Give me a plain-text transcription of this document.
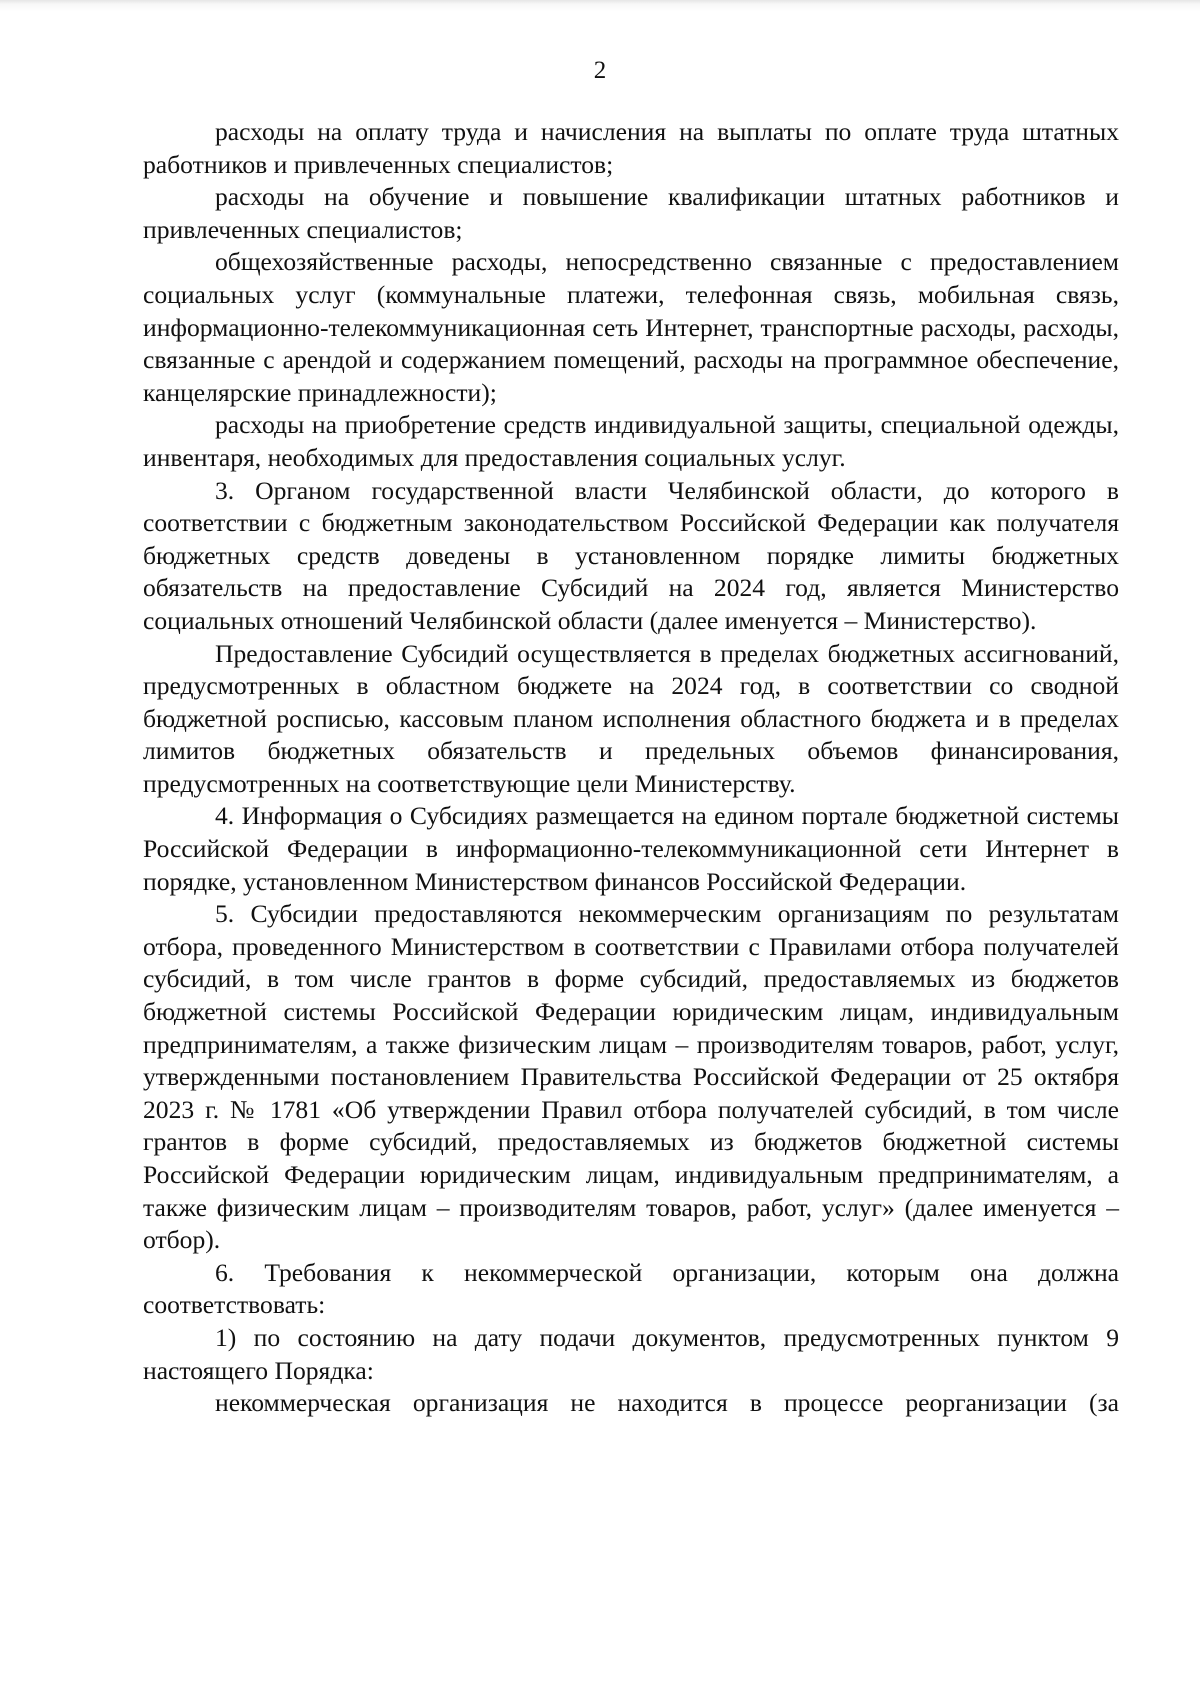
2

расходы на оплату труда и начисления на выплаты по оплате труда штатных работников и привлеченных специалистов;

расходы на обучение и повышение квалификации штатных работников и привлеченных специалистов;

общехозяйственные расходы, непосредственно связанные с предоставлением социальных услуг (коммунальные платежи, телефонная связь, мобильная связь, информационно-телекоммуникационная сеть Интернет, транспортные расходы, расходы, связанные с арендой и содержанием помещений, расходы на программное обеспечение, канцелярские принадлежности);

расходы на приобретение средств индивидуальной защиты, специальной одежды, инвентаря, необходимых для предоставления социальных услуг.

3. Органом государственной власти Челябинской области, до которого в соответствии с бюджетным законодательством Российской Федерации как получателя бюджетных средств доведены в установленном порядке лимиты бюджетных обязательств на предоставление Субсидий на 2024 год, является Министерство социальных отношений Челябинской области (далее именуется – Министерство).

Предоставление Субсидий осуществляется в пределах бюджетных ассигнований, предусмотренных в областном бюджете на 2024 год, в соответствии со сводной бюджетной росписью, кассовым планом исполнения областного бюджета и в пределах лимитов бюджетных обязательств и предельных объемов финансирования, предусмотренных на соответствующие цели Министерству.

4. Информация о Субсидиях размещается на едином портале бюджетной системы Российской Федерации в информационно-телекоммуникационной сети Интернет в порядке, установленном Министерством финансов Российской Федерации.

5. Субсидии предоставляются некоммерческим организациям по результатам отбора, проведенного Министерством в соответствии с Правилами отбора получателей субсидий, в том числе грантов в форме субсидий, предоставляемых из бюджетов бюджетной системы Российской Федерации юридическим лицам, индивидуальным предпринимателям, а также физическим лицам – производителям товаров, работ, услуг, утвержденными постановлением Правительства Российской Федерации от 25 октября 2023 г. № 1781 «Об утверждении Правил отбора получателей субсидий, в том числе грантов в форме субсидий, предоставляемых из бюджетов бюджетной системы Российской Федерации юридическим лицам, индивидуальным предпринимателям, а также физическим лицам – производителям товаров, работ, услуг» (далее именуется – отбор).

6. Требования к некоммерческой организации, которым она должна соответствовать:

1) по состоянию на дату подачи документов, предусмотренных пунктом 9 настоящего Порядка:

некоммерческая организация не находится в процессе реорганизации (за
